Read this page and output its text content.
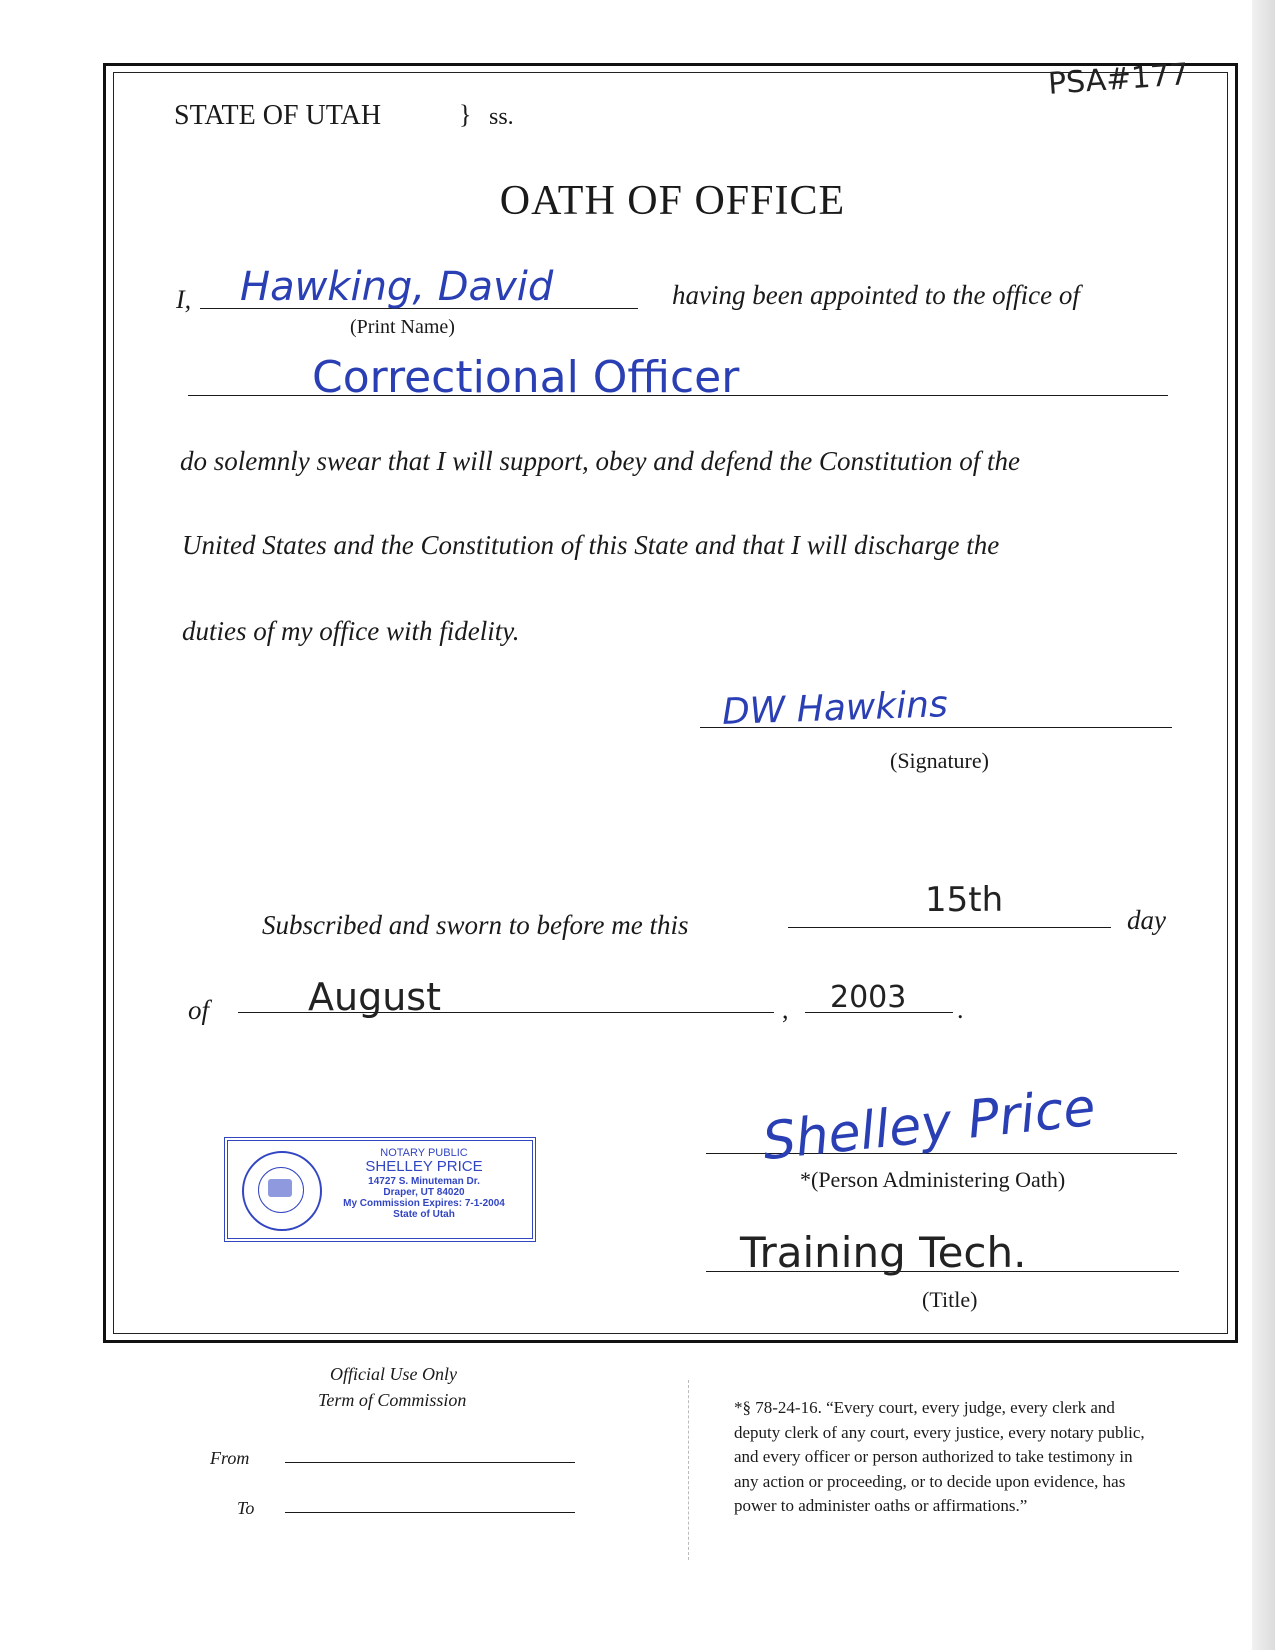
STATE OF UTAH	} ss.
PSA#177
OATH OF OFFICE
I, Hawking, David
(Print Name)
having been appointed to the office of
Correctional Officer
do solemnly swear that I will support, obey and defend the Constitution of the
United States and the Constitution of this State and that I will discharge the
duties of my office with fidelity.
DW Hawkins
(Signature)
Subscribed and sworn to before me this
15th	day
of	August	, 2003 .
NOTARY PUBLIC
SHELLEY PRICE
14727 S. Minuteman Dr.
Draper, UT 84020
My Commission Expires: 7-1-2004
State of Utah
Shelley Price
*(Person Administering Oath)
Training Tech.
(Title)
Official Use Only
Term of Commission
From
To
*§ 78-24-16. “Every court, every judge, every clerk and
deputy clerk of any court, every justice, every notary public,
and every officer or person authorized to take testimony in
any action or proceeding, or to decide upon evidence, has
power to administer oaths or affirmations.”
